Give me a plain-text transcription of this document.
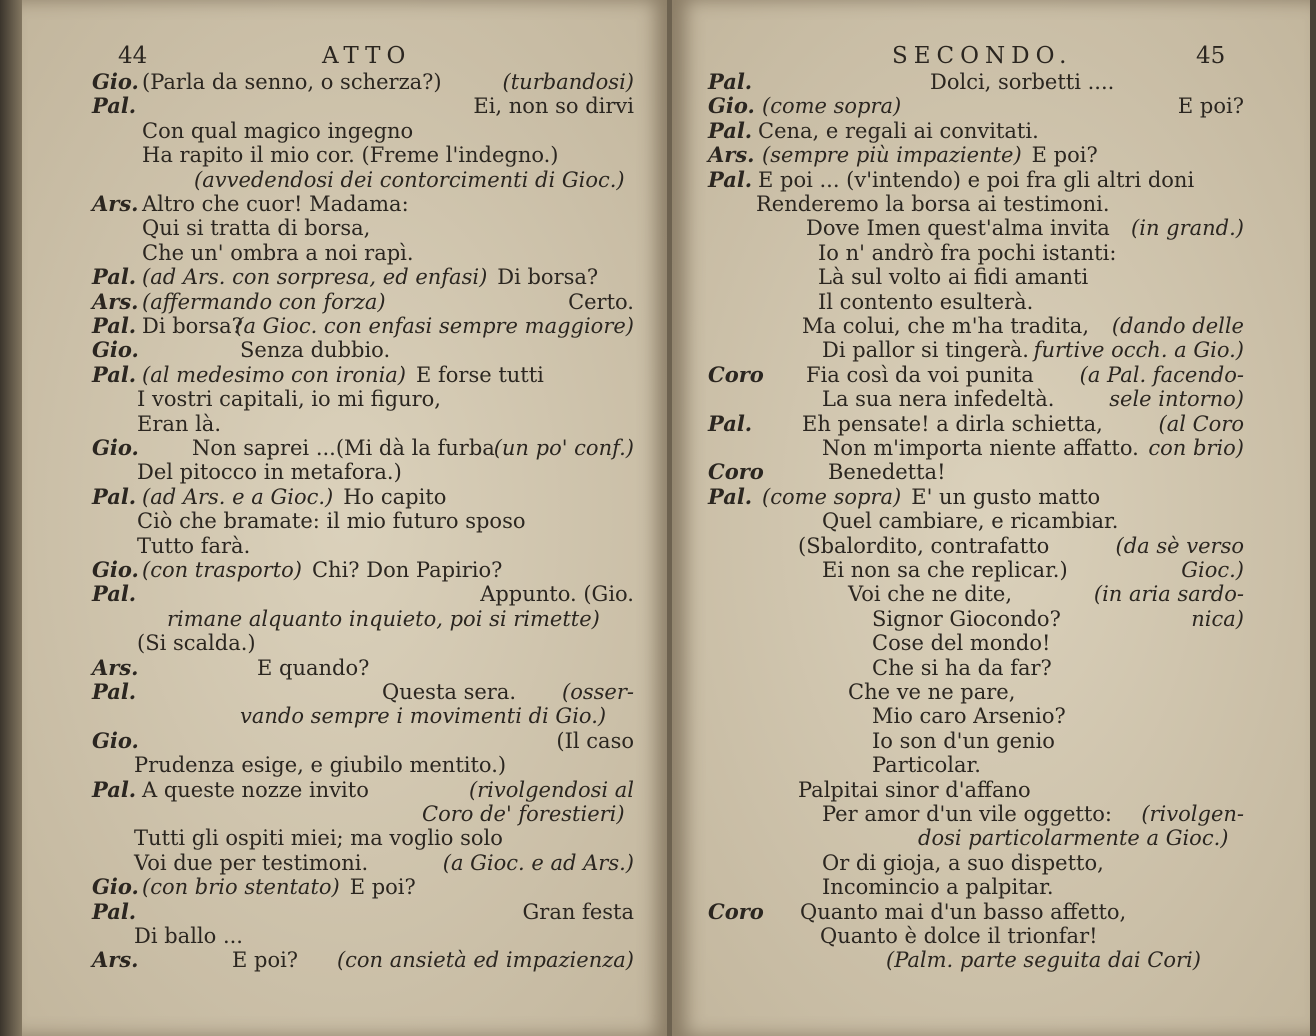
44	ATTO
Gio. (Parla da senno, o scherza?)	(turbandosi)
Pal.	Ei, non so dirvi
Con qual magico ingegno
Ha rapito il mio cor. (Freme l'indegno.)
(avvedendosi dei contorcimenti di Gioc.)
Ars. Altro che cuor! Madama:
Qui si tratta di borsa,
Che un' ombra a noi rapì.
Pal. (ad Ars. con sorpresa, ed enfasi) Di borsa?
Ars. (affermando con forza)	Certo.
Pal. Di borsa?
(a Gioc. con enfasi sempre maggiore)
Gio.	Senza dubbio.
Pal. (al medesimo con ironia) E forse tutti
I vostri capitali, io mi figuro,
Eran là.
Gio.	Non saprei ...(Mi dà la furba
(un po' conf.)
Del pitocco in metafora.)
Pal. (ad Ars. e a Gioc.) Ho capito
Ciò che bramate: il mio futuro sposo
Tutto farà.
Gio. (con trasporto) Chi? Don Papirio?
Pal.	Appunto. (Gio.
rimane alquanto inquieto, poi si rimette)
(Si scalda.)
Ars.	E quando?
Pal.	Questa sera. (osser-
vando sempre i movimenti di Gio.)
Gio.	(Il caso
Prudenza esige, e giubilo mentito.)
Pal. A queste nozze invito	(rivolgendosi al
Coro de' forestieri)
Tutti gli ospiti miei; ma voglio solo
Voi due per testimoni.	(a Gioc. e ad Ars.)
Gio. (con brio stentato) E poi?
Pal.	Gran festa
Di ballo ...
Ars.	E poi? (con ansietà ed impazienza)
SECONDO.	45
Pal.	Dolci, sorbetti ....
Gio. (come sopra)	E poi?
Pal. Cena, e regali ai convitati.
Ars. (sempre più impaziente) E poi?
Pal. E poi ... (v'intendo) e poi fra gli altri doni
Renderemo la borsa ai testimoni.
Dove Imen quest'alma invita (in grand.)
Io n' andrò fra pochi istanti:
Là sul volto ai fidi amanti
Il contento esulterà.
Ma colui, che m'ha tradita, (dando delle
Di pallor si tingerà. furtive occh. a Gio.)
Coro Fia così da voi punita (a Pal. facendo-
La sua nera infedeltà.	sele intorno)
Pal. Eh pensate! a dirla schietta,	(al Coro
Non m'importa niente affatto. con brio)
Coro	Benedetta!
Pal. (come sopra) E' un gusto matto
Quel cambiare, e ricambiar.
(Sbalordito, contrafatto	(da sè verso
Ei non sa che replicar.)	Gioc.)
Voi che ne dite,	(in aria sardo-
Signor Giocondo?	nica)
Cose del mondo!
Che si ha da far?
Che ve ne pare,
Mio caro Arsenio?
Io son d'un genio
Particolar.
Palpitai sinor d'affano
Per amor d'un vile oggetto: (rivolgen-
dosi particolarmente a Gioc.)
Or di gioja, a suo dispetto,
Incomincio a palpitar.
Coro Quanto mai d'un basso affetto,
Quanto è dolce il trionfar!
(Palm. parte seguita dai Cori)
